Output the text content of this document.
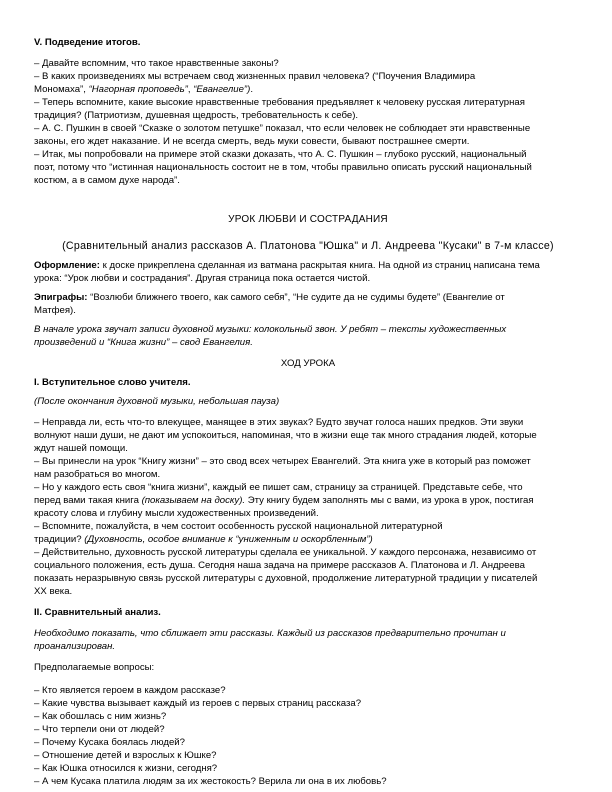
V. Подведение итогов.

– Давайте вспомним, что такое нравственные законы?

– В каких произведениях мы встречаем свод жизненных правил человека? (“Поучения Владимира

Мономаха”, “Нагорная проповедь”, “Евангелие”).

– Теперь вспомните, какие высокие нравственные требования предъявляет к человеку русская литературная

традиция? (Патриотизм, душевная щедрость, требовательность к себе).

– А. С. Пушкин в своей “Сказке о золотом петушке” показал, что если человек не соблюдает эти нравственные

законы, его ждет наказание. И не всегда смерть, ведь муки совести, бывают пострашнее смерти.

– Итак, мы попробовали на примере этой сказки доказать, что А. С. Пушкин – глубоко русский, национальный

поэт, потому что “истинная национальность состоит не в том, чтобы правильно описать русский национальный

костюм, а в самом духе народа”.

УРОК ЛЮБВИ И СОСТРАДАНИЯ

(Сравнительный анализ рассказов А. Платонова "Юшка" и Л. Андреева "Кусаки" в 7-м классе)

Оформление: к доске прикреплена сделанная из ватмана раскрытая книга. На одной из страниц написана тема

урока: “Урок любви и сострадания”. Другая страница пока остается чистой.

Эпиграфы: “Возлюби ближнего твоего, как самого себя”, “Не судите да не судимы будете” (Евангелие от

Матфея).

В начале урока звучат записи духовной музыки: колокольный звон. У ребят – тексты художественных

произведений и “Книга жизни” – свод Евангелия.

ХОД УРОКА

I. Вступительное слово учителя.

(После окончания духовной музыки, небольшая пауза)

– Неправда ли, есть что-то влекущее, манящее в этих звуках? Будто звучат голоса наших предков. Эти звуки

волнуют наши души, не дают им успокоиться, напоминая, что в жизни еще так много страдания людей, которые

ждут нашей помощи.

– Вы принесли на урок “Книгу жизни” – это свод всех четырех Евангелий. Эта книга уже в который раз поможет

нам разобраться во многом.

– Но у каждого есть своя “книга жизни”, каждый ее пишет сам, страницу за страницей. Представьте себе, что

перед вами такая книга (показываем на доску). Эту книгу будем заполнять мы с вами, из урока в урок, постигая

красоту слова и глубину мысли художественных произведений.

– Вспомните, пожалуйста, в чем состоит особенность русской национальной литературной

традиции? (Духовность, особое внимание к “униженным и оскорбленным”)

– Действительно, духовность русской литературы сделала ее уникальной. У каждого персонажа, независимо от

социального положения, есть душа. Сегодня наша задача на примере рассказов А. Платонова и Л. Андреева

показать неразрывную связь русской литературы с духовной, продолжение литературной традиции у писателей

XX века.

II. Сравнительный анализ.

Необходимо показать, что сближает эти рассказы. Каждый из рассказов предварительно прочитан и

проанализирован.

Предполагаемые вопросы:

– Кто является героем в каждом рассказе?

– Какие чувства вызывает каждый из героев с первых страниц рассказа?

– Как обошлась с ним жизнь?

– Что терпели они от людей?

– Почему Кусака боялась людей?

– Отношение детей и взрослых к Юшке?

– Как Юшка относился к жизни, сегодня?

– А чем Кусака платила людям за их жестокость? Верила ли она в их любовь?
